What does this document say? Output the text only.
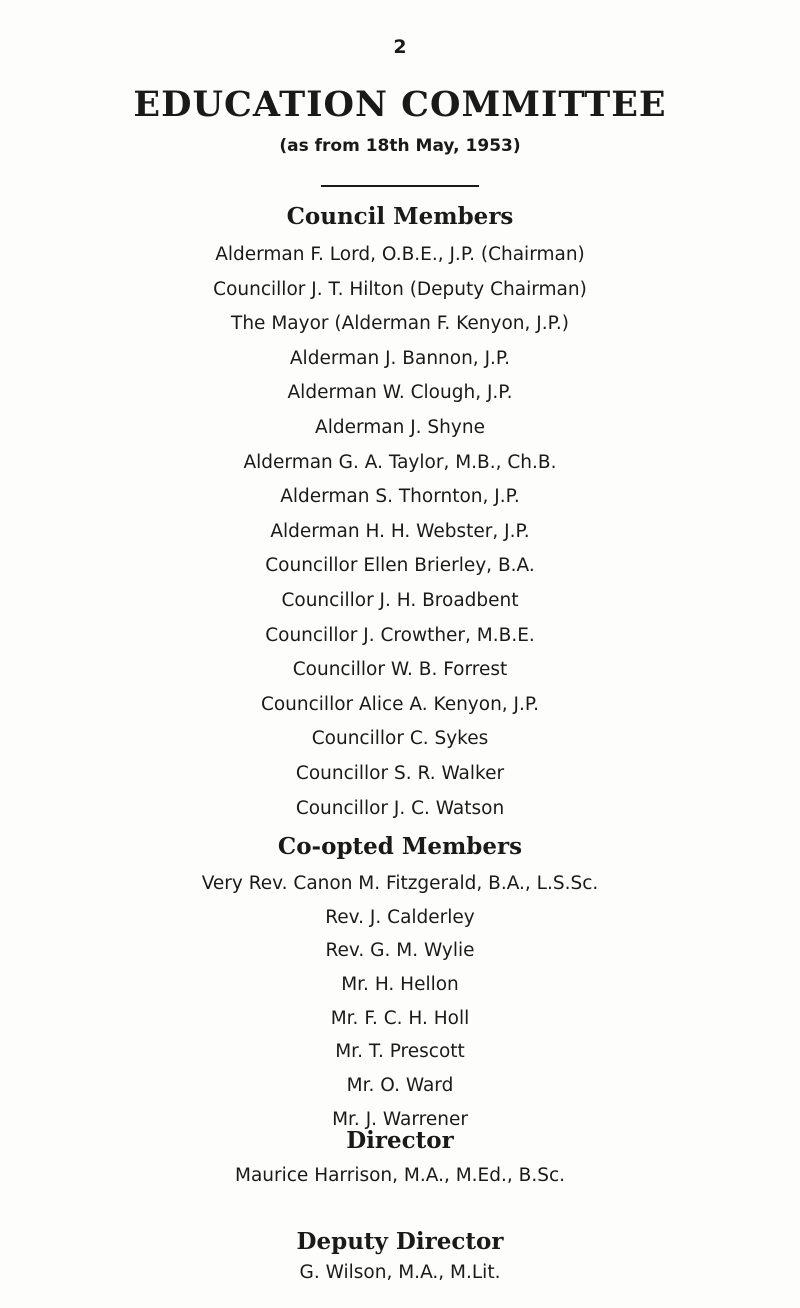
2
EDUCATION COMMITTEE
(as from 18th May, 1953)
Council Members
Alderman F. Lord, O.B.E., J.P. (Chairman)
Councillor J. T. Hilton (Deputy Chairman)
The Mayor (Alderman F. Kenyon, J.P.)
Alderman J. Bannon, J.P.
Alderman W. Clough, J.P.
Alderman J. Shyne
Alderman G. A. Taylor, M.B., Ch.B.
Alderman S. Thornton, J.P.
Alderman H. H. Webster, J.P.
Councillor Ellen Brierley, B.A.
Councillor J. H. Broadbent
Councillor J. Crowther, M.B.E.
Councillor W. B. Forrest
Councillor Alice A. Kenyon, J.P.
Councillor C. Sykes
Councillor S. R. Walker
Councillor J. C. Watson
Co-opted Members
Very Rev. Canon M. Fitzgerald, B.A., L.S.Sc.
Rev. J. Calderley
Rev. G. M. Wylie
Mr. H. Hellon
Mr. F. C. H. Holl
Mr. T. Prescott
Mr. O. Ward
Mr. J. Warrener
Director
Maurice Harrison, M.A., M.Ed., B.Sc.
Deputy Director
G. Wilson, M.A., M.Lit.
